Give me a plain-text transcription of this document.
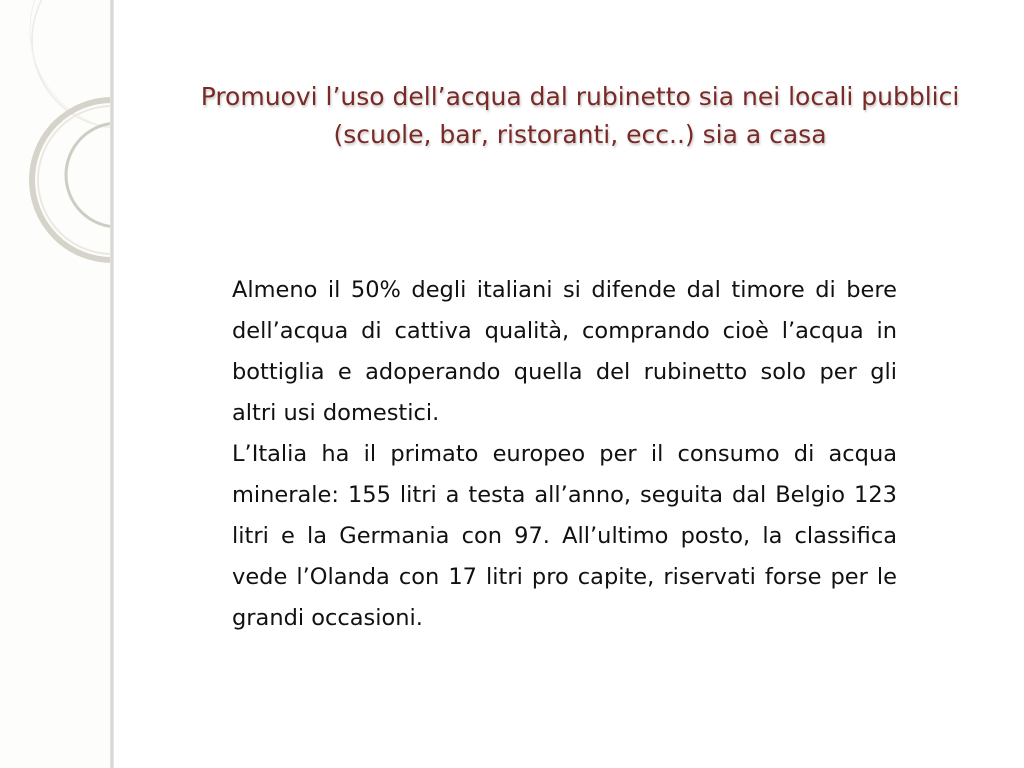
Promuovi l’uso dell’acqua dal rubinetto sia nei locali pubblici (scuole, bar, ristoranti, ecc..) sia a casa

Almeno il 50% degli italiani si difende dal timore di bere dell’acqua di cattiva qualità, comprando cioè l’acqua in bottiglia e adoperando quella del rubinetto solo per gli altri usi domestici.

L’Italia ha il primato europeo per il consumo di acqua minerale: 155 litri a testa all’anno, seguita dal Belgio 123 litri e la Germania con 97. All’ultimo posto, la classifica vede l’Olanda con 17 litri pro capite, riservati forse per le grandi occasioni.
